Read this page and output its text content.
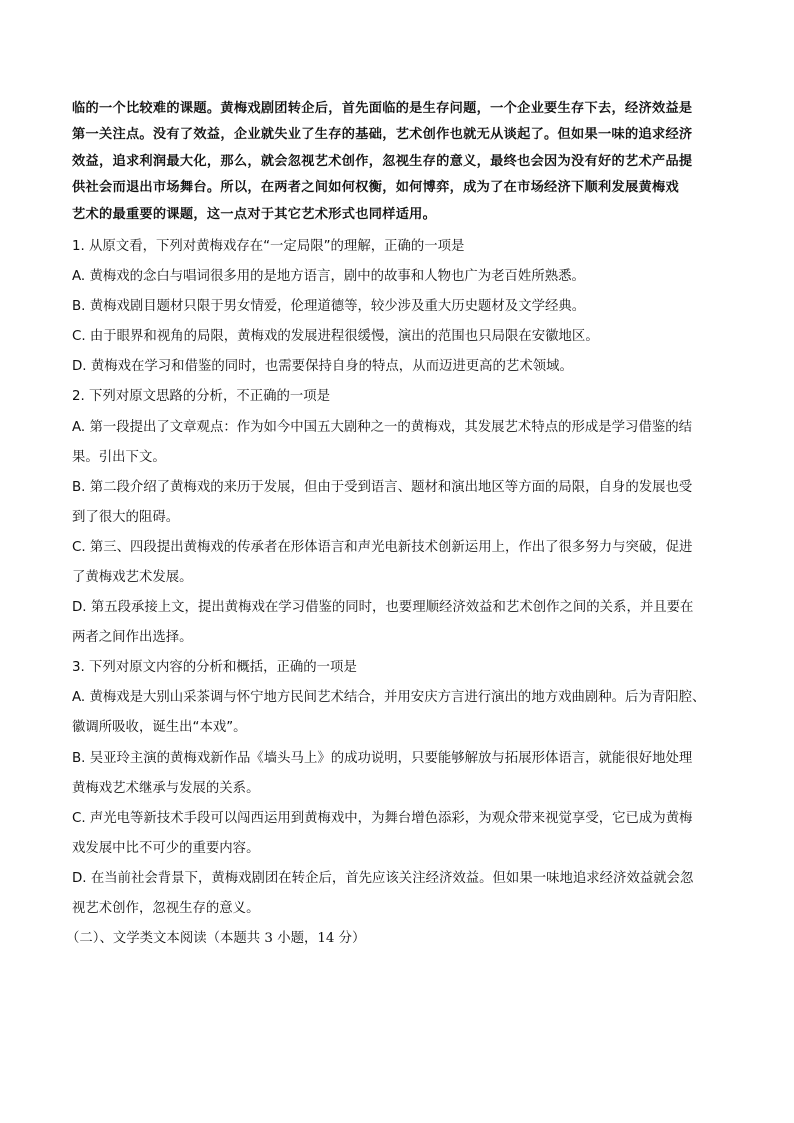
临的一个比较难的课题。黄梅戏剧团转企后，首先面临的是生存问题，一个企业要生存下去，经济效益是
第一关注点。没有了效益，企业就失业了生存的基础，艺术创作也就无从谈起了。但如果一味的追求经济
效益，追求利润最大化，那么，就会忽视艺术创作，忽视生存的意义，最终也会因为没有好的艺术产品提
供社会而退出市场舞台。所以，在两者之间如何权衡，如何博弈，成为了在市场经济下顺利发展黄梅戏
艺术的最重要的课题，这一点对于其它艺术形式也同样适用。
1. 从原文看，下列对黄梅戏存在“一定局限”的理解，正确的一项是
A. 黄梅戏的念白与唱词很多用的是地方语言，剧中的故事和人物也广为老百姓所熟悉。
B. 黄梅戏剧目题材只限于男女情爱，伦理道德等，较少涉及重大历史题材及文学经典。
C. 由于眼界和视角的局限，黄梅戏的发展进程很缓慢，演出的范围也只局限在安徽地区。
D. 黄梅戏在学习和借鉴的同时，也需要保持自身的特点，从而迈进更高的艺术领域。
2. 下列对原文思路的分析，不正确的一项是
A. 第一段提出了文章观点：作为如今中国五大剧种之一的黄梅戏，其发展艺术特点的形成是学习借鉴的结
果。引出下文。
B. 第二段介绍了黄梅戏的来历于发展，但由于受到语言、题材和演出地区等方面的局限，自身的发展也受
到了很大的阻碍。
C. 第三、四段提出黄梅戏的传承者在形体语言和声光电新技术创新运用上，作出了很多努力与突破，促进
了黄梅戏艺术发展。
D. 第五段承接上文，提出黄梅戏在学习借鉴的同时，也要理顺经济效益和艺术创作之间的关系，并且要在
两者之间作出选择。
3. 下列对原文内容的分析和概括，正确的一项是
A. 黄梅戏是大别山采茶调与怀宁地方民间艺术结合，并用安庆方言进行演出的地方戏曲剧种。后为青阳腔、
徽调所吸收，诞生出“本戏”。
B. 吴亚玲主演的黄梅戏新作品《墙头马上》的成功说明，只要能够解放与拓展形体语言，就能很好地处理
黄梅戏艺术继承与发展的关系。
C. 声光电等新技术手段可以闯西运用到黄梅戏中，为舞台增色添彩，为观众带来视觉享受，它已成为黄梅
戏发展中比不可少的重要内容。
D. 在当前社会背景下，黄梅戏剧团在转企后，首先应该关注经济效益。但如果一味地追求经济效益就会忽
视艺术创作，忽视生存的意义。
（二）、文学类文本阅读（本题共 3 小题，14 分）
